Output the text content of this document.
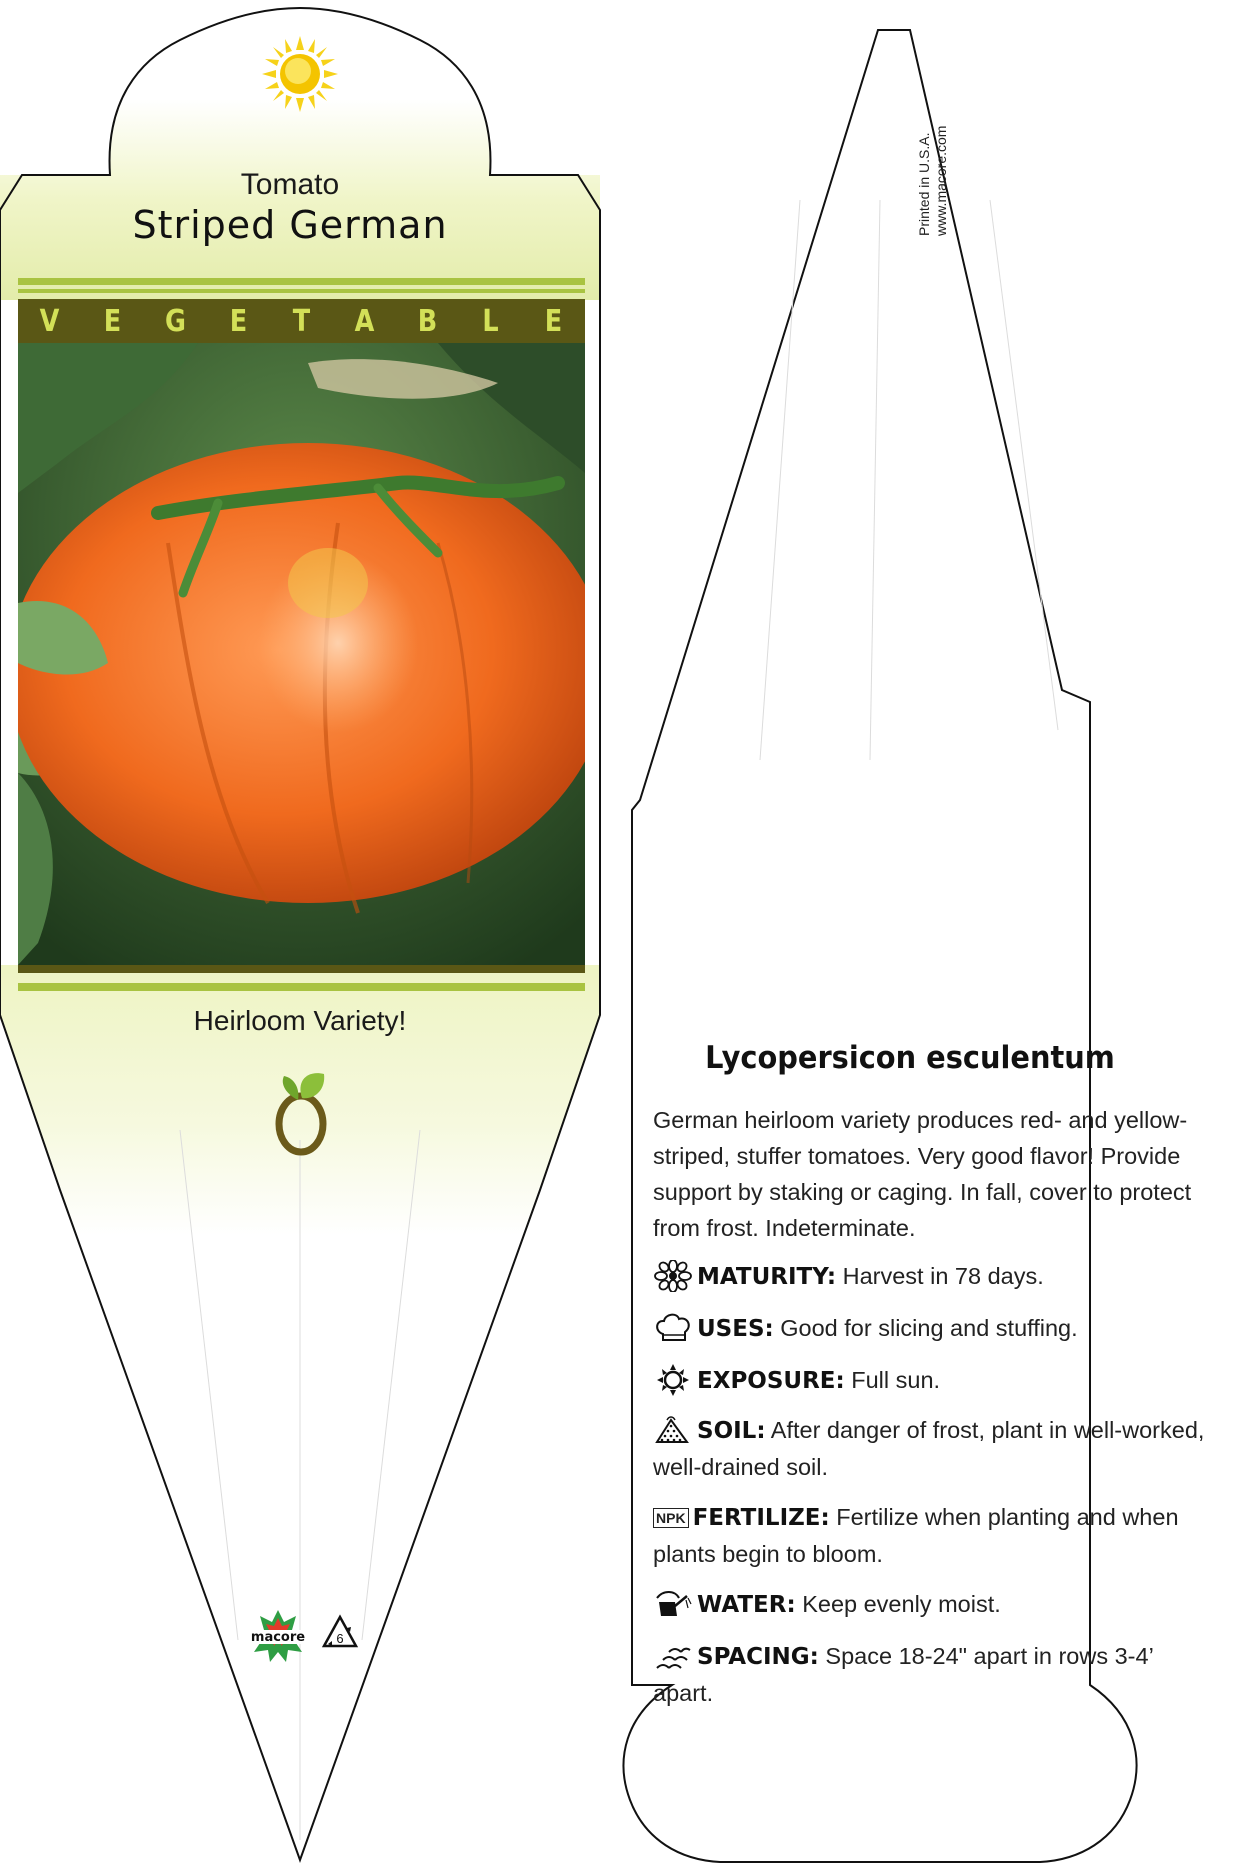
Tomato
Striped German
V	E	G	E	T	A	B	L	E
Heirloom Variety!
macore 6
Printed in U.S.A.
www.macore.com
Lycopersicon esculentum
German heirloom variety produces red- and yellow-striped, stuffer tomatoes. Very good flavor! Provide support by staking or caging. In fall, cover to protect from frost. Indeterminate.
MATURITY: Harvest in 78 days.
USES: Good for slicing and stuffing.
EXPOSURE: Full sun.
SOIL: After danger of frost, plant in well-worked, well-drained soil.
NPK FERTILIZE: Fertilize when planting and when plants begin to bloom.
WATER: Keep evenly moist.
SPACING: Space 18-24" apart in rows 3-4’ apart.
